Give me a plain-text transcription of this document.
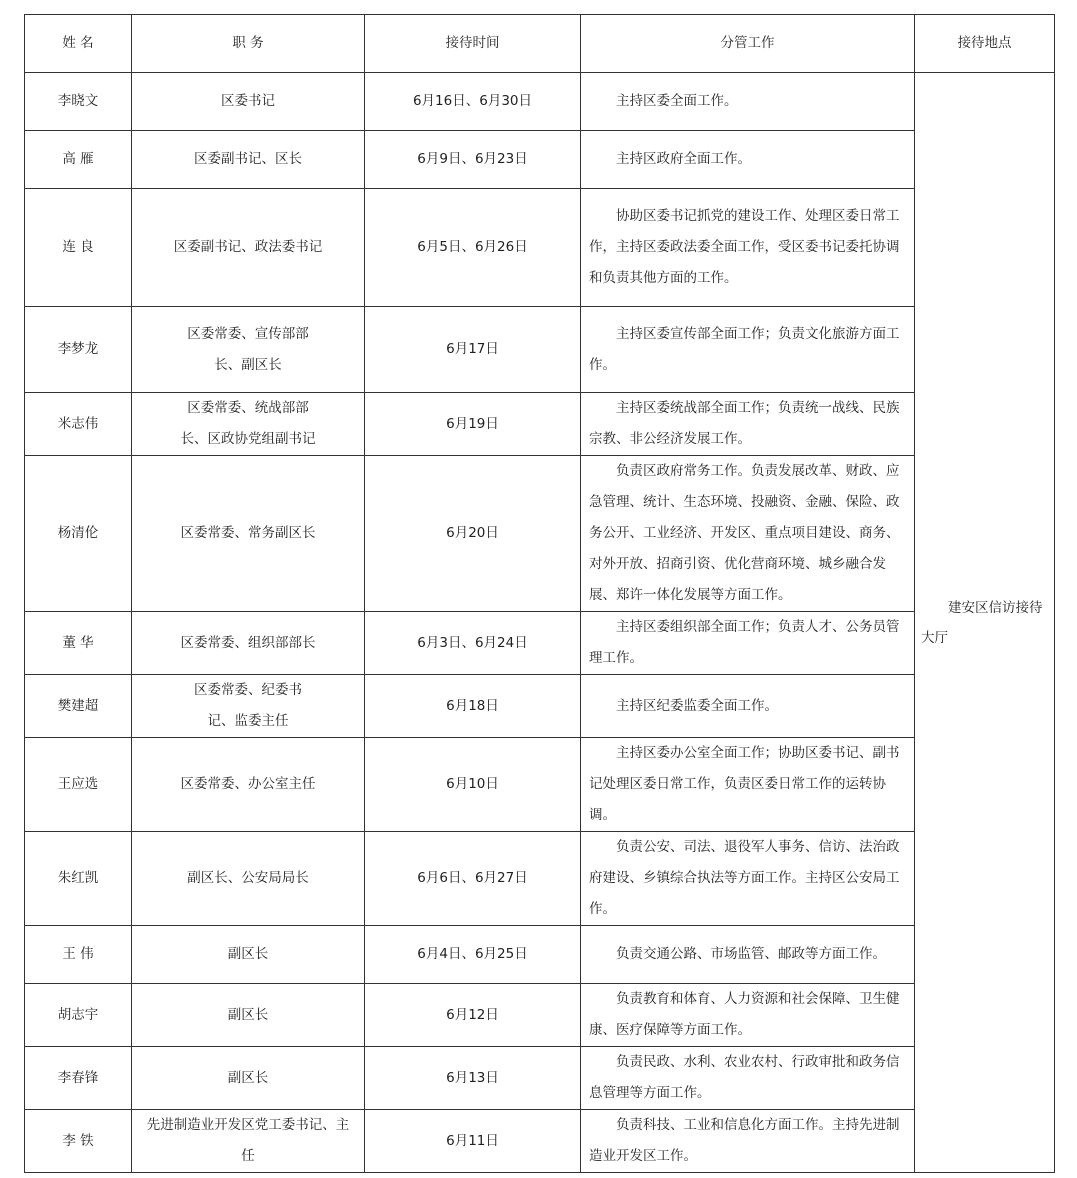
姓 名	职 务	接待时间	分管工作	接待地点
李晓文	区委书记	6月16日、6月30日	主持区委全面工作。	建安区信访接待大厅
高 雁	区委副书记、区长	6月9日、6月23日	主持区政府全面工作。	
连 良	区委副书记、政法委书记	6月5日、6月26日	协助区委书记抓党的建设工作、处理区委日常工作，主持区委政法委全面工作，受区委书记委托协调和负责其他方面的工作。	
李梦龙	区委常委、宣传部部长、副区长	6月17日	主持区委宣传部全面工作；负责文化旅游方面工作。	
米志伟	区委常委、统战部部长、区政协党组副书记	6月19日	主持区委统战部全面工作；负责统一战线、民族宗教、非公经济发展工作。	
杨清伦	区委常委、常务副区长	6月20日	负责区政府常务工作。负责发展改革、财政、应急管理、统计、生态环境、投融资、金融、保险、政务公开、工业经济、开发区、重点项目建设、商务、对外开放、招商引资、优化营商环境、城乡融合发展、郑许一体化发展等方面工作。	
董 华	区委常委、组织部部长	6月3日、6月24日	主持区委组织部全面工作；负责人才、公务员管理工作。	
樊建超	区委常委、纪委书记、监委主任	6月18日	主持区纪委监委全面工作。	
王应选	区委常委、办公室主任	6月10日	主持区委办公室全面工作；协助区委书记、副书记处理区委日常工作，负责区委日常工作的运转协调。	
朱红凯	副区长、公安局局长	6月6日、6月27日	负责公安、司法、退役军人事务、信访、法治政府建设、乡镇综合执法等方面工作。主持区公安局工作。	
王 伟	副区长	6月4日、6月25日	负责交通公路、市场监管、邮政等方面工作。	
胡志宇	副区长	6月12日	负责教育和体育、人力资源和社会保障、卫生健康、医疗保障等方面工作。	
李春锋	副区长	6月13日	负责民政、水利、农业农村、行政审批和政务信息管理等方面工作。	
李 铁	先进制造业开发区党工委书记、主任	6月11日	负责科技、工业和信息化方面工作。主持先进制造业开发区工作。	
